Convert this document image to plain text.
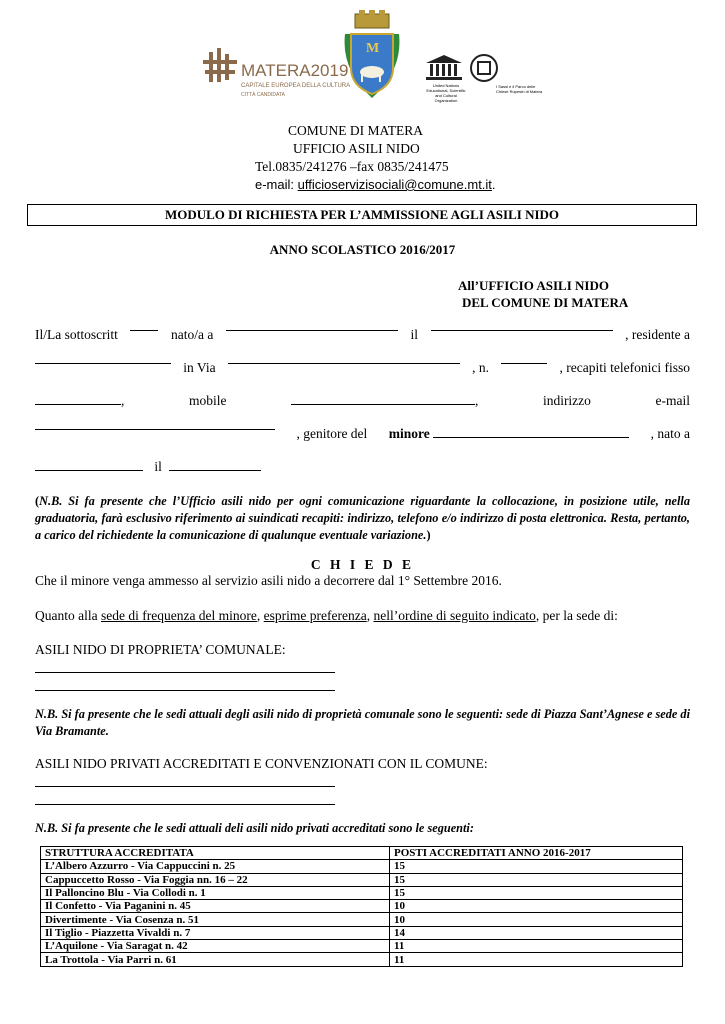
MATERA2019
CAPITALE EUROPEA DELLA CULTURA
CITTÀ CANDIDATA
M
United Nations Educational, Scientific and Cultural Organization
I Sassi e il Parco delle Chiese Rupestri di Matera
COMUNE DI MATERA
UFFICIO ASILI NIDO
Tel.0835/241276 –fax 0835/241475
e-mail: ufficioservizisociali@comune.mt.it.
MODULO DI RICHIESTA PER L’AMMISSIONE AGLI ASILI NIDO
ANNO SCOLASTICO 2016/2017
All’UFFICIO ASILI NIDO
DEL COMUNE DI MATERA
Il/La sottoscritt	nato/a a	il	, residente a
in Via	, n.	, recapiti telefonici fisso
,	mobile	,	indirizzo	e-mail
, genitore del minore	, nato a
il
(N.B. Si fa presente che l’Ufficio asili nido per ogni comunicazione riguardante la collocazione, in posizione utile, nella graduatoria, farà esclusivo riferimento ai suindicati recapiti: indirizzo, telefono e/o indirizzo di posta elettronica. Resta, pertanto, a carico del richiedente la comunicazione di qualunque eventuale variazione.)
C H I E D E
Che il minore venga ammesso al servizio asili nido a decorrere dal 1° Settembre 2016.
Quanto alla sede di frequenza del minore, esprime preferenza, nell’ordine di seguito indicato, per la sede di:
ASILI NIDO DI PROPRIETA’ COMUNALE:
N.B. Si fa presente che le sedi attuali degli asili nido di proprietà comunale sono le seguenti: sede di Piazza Sant’Agnese e sede di Via Bramante.
ASILI NIDO PRIVATI ACCREDITATI E CONVENZIONATI CON IL COMUNE:
N.B. Si fa presente che le sedi attuali deli asili nido privati accreditati sono le seguenti:
STRUTTURA ACCREDITATA	POSTI ACCREDITATI ANNO 2016-2017
L’Albero Azzurro - Via Cappuccini n. 25	15
Cappuccetto Rosso - Via Foggia nn. 16 – 22	15
Il Palloncino Blu - Via Collodi n. 1	15
Il Confetto - Via Paganini n. 45	10
Divertimente - Via Cosenza n. 51	10
Il Tiglio - Piazzetta Vivaldi n. 7	14
L’Aquilone - Via Saragat n. 42	11
La Trottola - Via Parri n. 61	11
